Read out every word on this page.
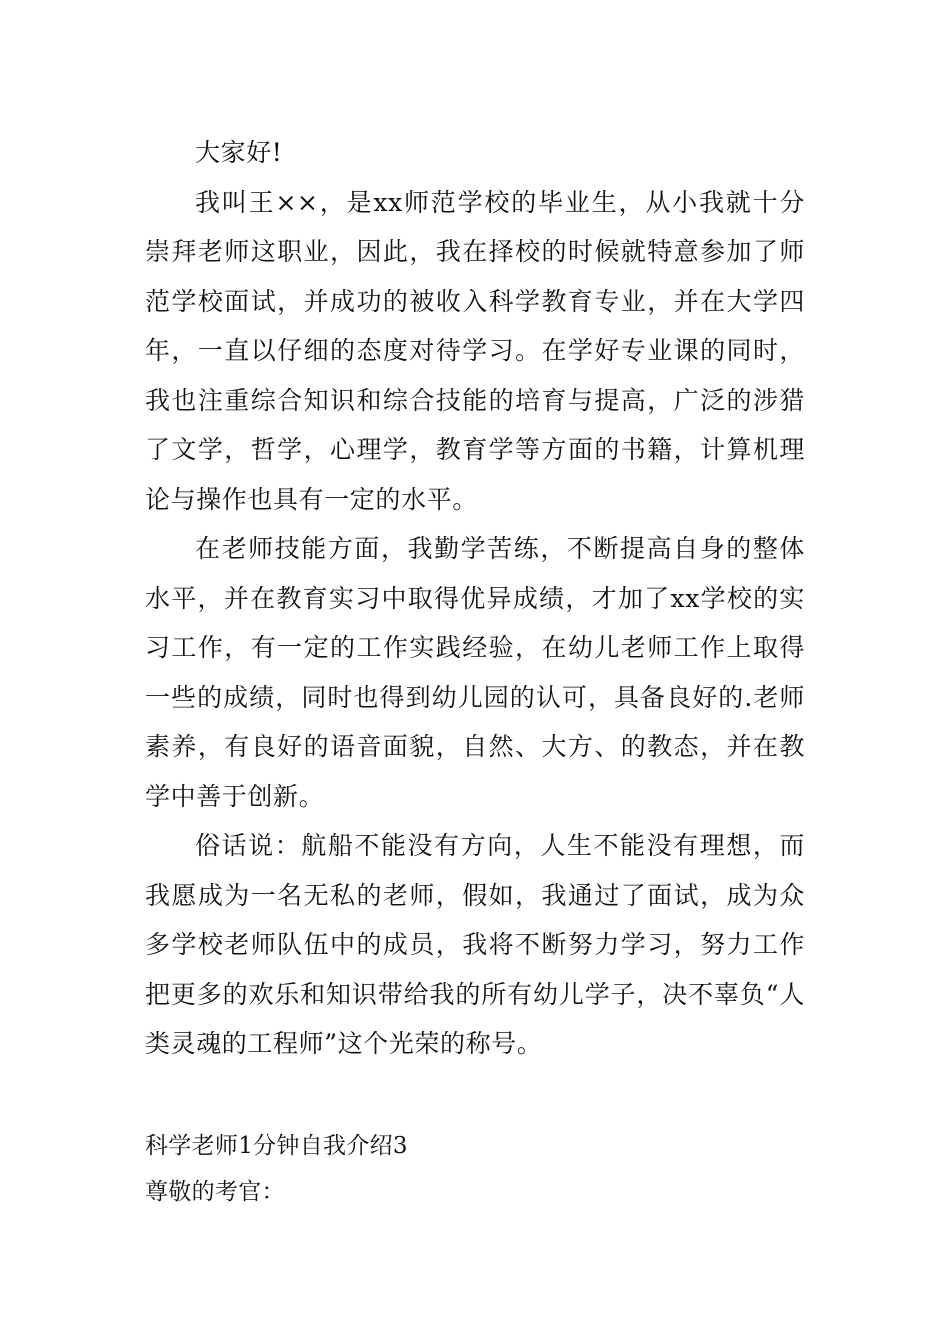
大家好!

我叫王××，是xx师范学校的毕业生，从小我就十分崇拜老师这职业，因此，我在择校的时候就特意参加了师范学校面试，并成功的被收入科学教育专业，并在大学四年，一直以仔细的态度对待学习。在学好专业课的同时，我也注重综合知识和综合技能的培育与提高，广泛的涉猎了文学，哲学，心理学，教育学等方面的书籍，计算机理论与操作也具有一定的水平。

在老师技能方面，我勤学苦练，不断提高自身的整体水平，并在教育实习中取得优异成绩，才加了xx学校的实习工作，有一定的工作实践经验，在幼儿老师工作上取得一些的成绩，同时也得到幼儿园的认可，具备良好的.老师素养，有良好的语音面貌，自然、大方、的教态，并在教学中善于创新。

俗话说：航船不能没有方向，人生不能没有理想，而我愿成为一名无私的老师，假如，我通过了面试，成为众多学校老师队伍中的成员，我将不断努力学习，努力工作把更多的欢乐和知识带给我的所有幼儿学子，决不辜负“人类灵魂的工程师”这个光荣的称号。

科学老师1分钟自我介绍3

尊敬的考官：
